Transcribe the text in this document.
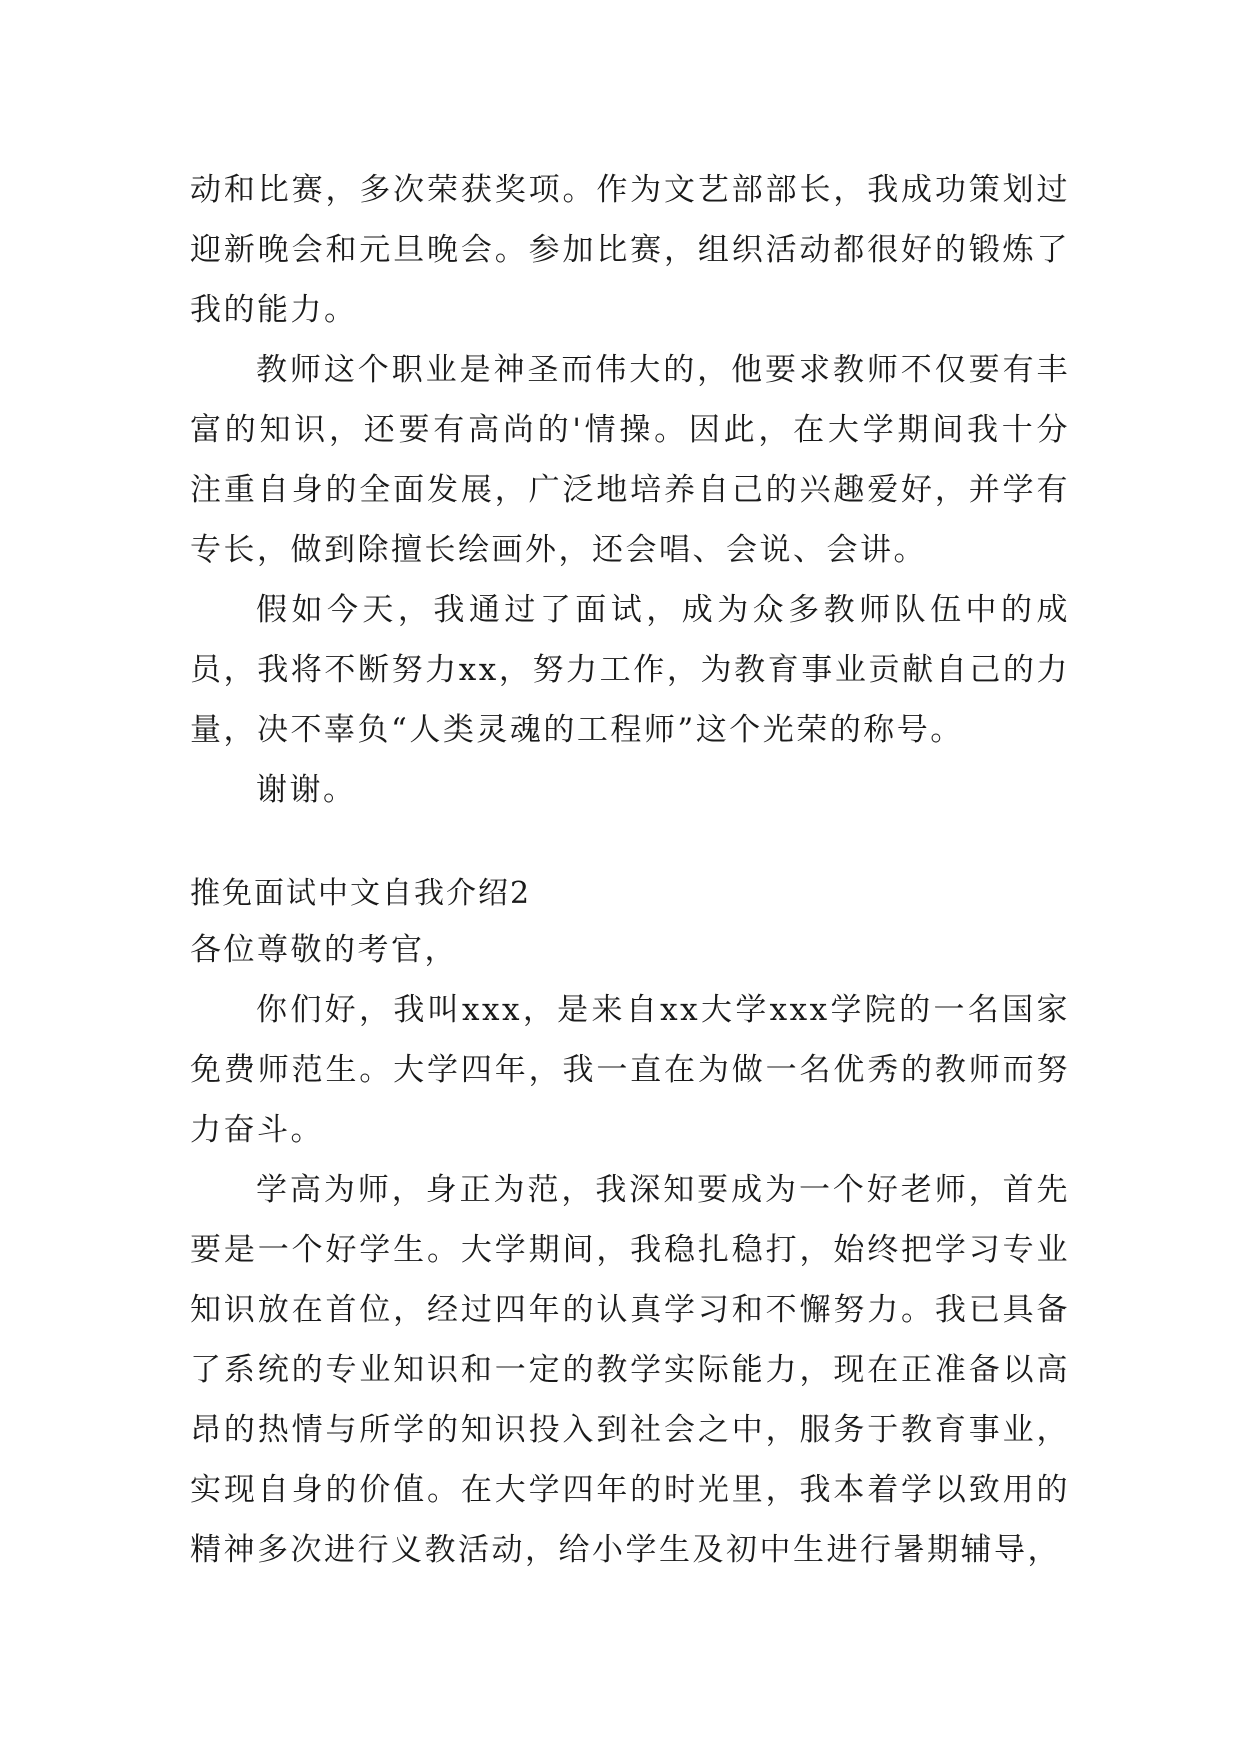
动和比赛，多次荣获奖项。作为文艺部部长，我成功策划过迎新晚会和元旦晚会。参加比赛，组织活动都很好的锻炼了我的能力。

教师这个职业是神圣而伟大的，他要求教师不仅要有丰富的知识，还要有高尚的'情操。因此，在大学期间我十分注重自身的全面发展，广泛地培养自己的兴趣爱好，并学有专长，做到除擅长绘画外，还会唱、会说、会讲。

假如今天，我通过了面试，成为众多教师队伍中的成员，我将不断努力xx，努力工作，为教育事业贡献自己的力量，决不辜负“人类灵魂的工程师”这个光荣的称号。

谢谢。

推免面试中文自我介绍2

各位尊敬的考官，

你们好，我叫xxx，是来自xx大学xxx学院的一名国家免费师范生。大学四年，我一直在为做一名优秀的教师而努力奋斗。

学高为师，身正为范，我深知要成为一个好老师，首先要是一个好学生。大学期间，我稳扎稳打，始终把学习专业知识放在首位，经过四年的认真学习和不懈努力。我已具备了系统的专业知识和一定的教学实际能力，现在正准备以高昂的热情与所学的知识投入到社会之中，服务于教育事业，实现自身的价值。在大学四年的时光里，我本着学以致用的精神多次进行义教活动，给小学生及初中生进行暑期辅导，
